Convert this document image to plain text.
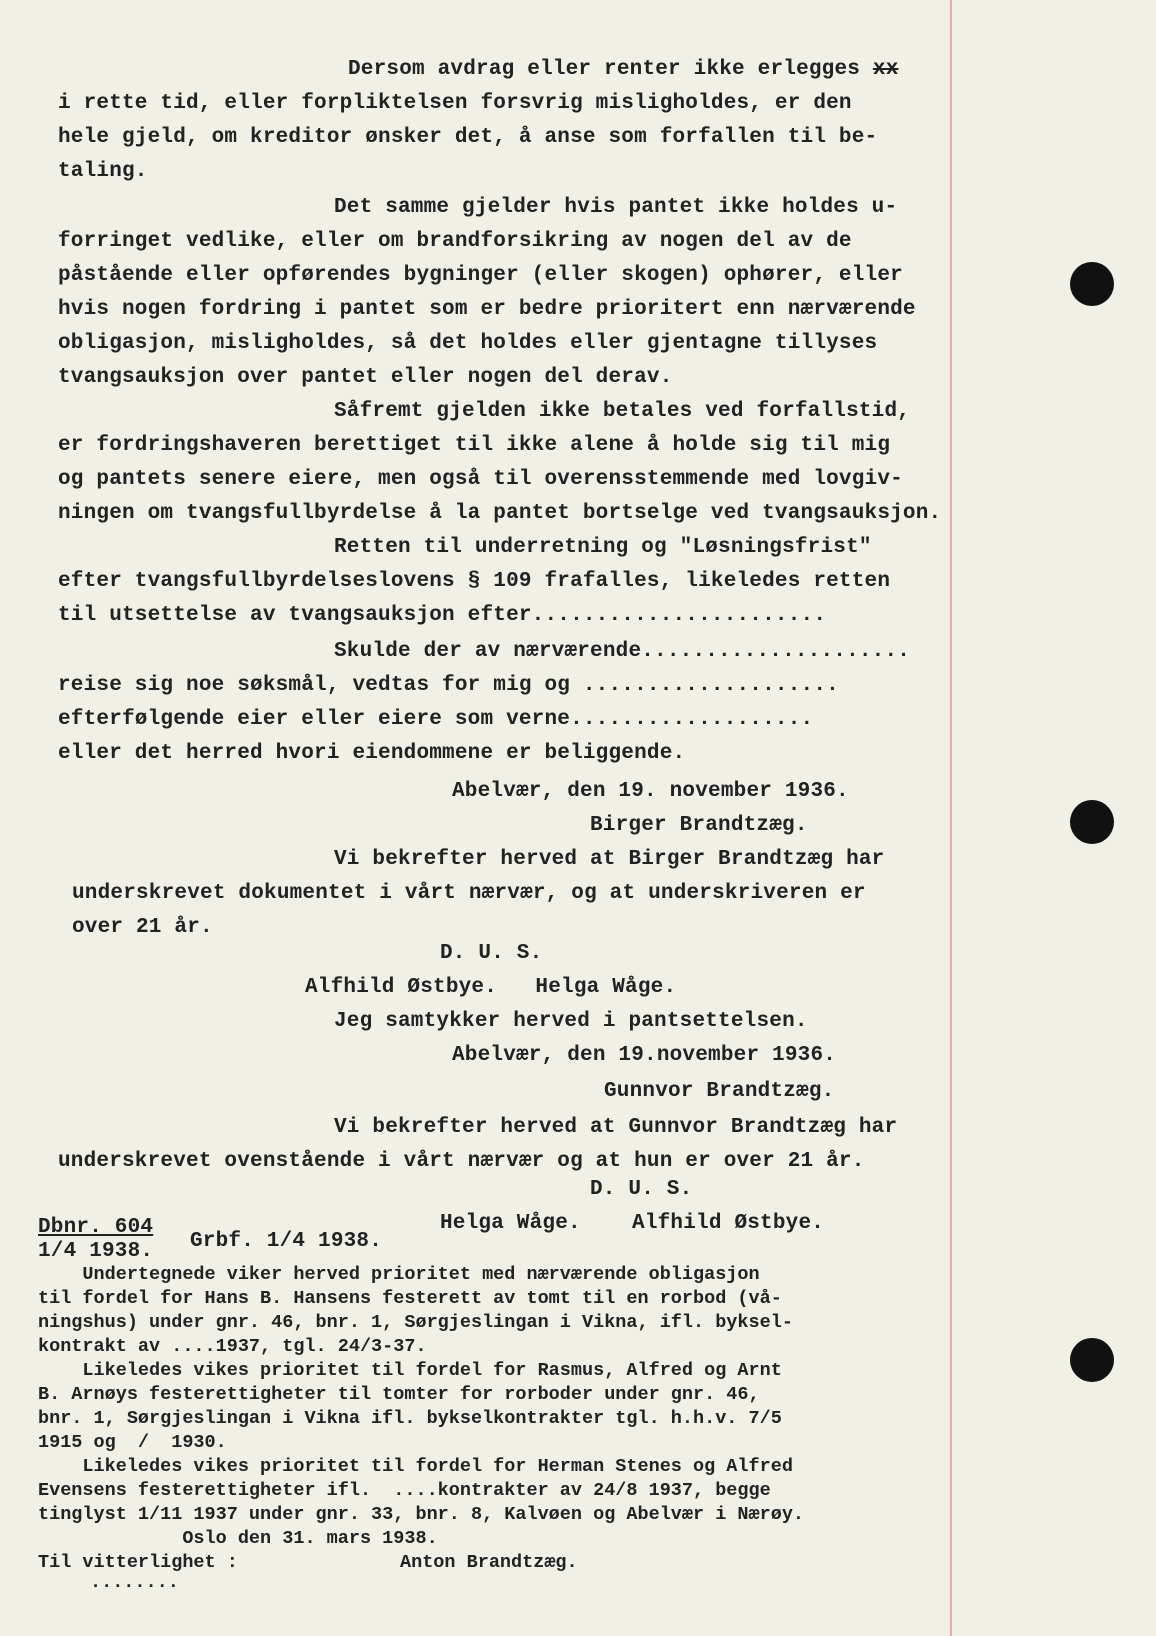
Dersom avdrag eller renter ikke erlegges xx
i rette tid, eller forpliktelsen forsvrig misligholdes, er den
hele gjeld, om kreditor ønsker det, å anse som forfallen til be-
taling.
Det samme gjelder hvis pantet ikke holdes u-
forringet vedlike, eller om brandforsikring av nogen del av de
påstående eller opførendes bygninger (eller skogen) ophører, eller
hvis nogen fordring i pantet som er bedre prioritert enn nærværende
obligasjon, misligholdes, så det holdes eller gjentagne tillyses
tvangsauksjon over pantet eller nogen del derav.
Såfremt gjelden ikke betales ved forfallstid,
er fordringshaveren berettiget til ikke alene å holde sig til mig
og pantets senere eiere, men også til overensstemmende med lovgiv-
ningen om tvangsfullbyrdelse å la pantet bortselge ved tvangsauksjon.
Retten til underretning og "Løsningsfrist"
efter tvangsfullbyrdelseslovens § 109 frafalles, likeledes retten
til utsettelse av tvangsauksjon efter.......................
Skulde der av nærværende.....................
reise sig noe søksmål, vedtas for mig og ....................
efterfølgende eier eller eiere som verne...................
eller det herred hvori eiendommene er beliggende.
Abelvær, den 19. november 1936.
Birger Brandtzæg.
Vi bekrefter herved at Birger Brandtzæg har
underskrevet dokumentet i vårt nærvær, og at underskriveren er
over 21 år.
D. U. S.
Alfhild Østbye.   Helga Wåge.
Jeg samtykker herved i pantsettelsen.
Abelvær, den 19.november 1936.
Gunnvor Brandtzæg.
Vi bekrefter herved at Gunnvor Brandtzæg har
underskrevet ovenstående i vårt nærvær og at hun er over 21 år.
D. U. S.
Helga Wåge.    Alfhild Østbye.
Dbnr. 604
1/4 1938. Grbf. 1/4 1938.
Undertegnede viker herved prioritet med nærværende obligasjon
til fordel for Hans B. Hansens festerett av tomt til en rorbod (vå-
ningshus) under gnr. 46, bnr. 1, Sørgjeslingan i Vikna, ifl. byksel-
kontrakt av ....1937, tgl. 24/3-37.
Likeledes vikes prioritet til fordel for Rasmus, Alfred og Arnt
B. Arnøys festerettigheter til tomter for rorboder under gnr. 46,
bnr. 1, Sørgjeslingan i Vikna ifl. bykselkontrakter tgl. h.h.v. 7/5
1915 og  /  1930.
Likeledes vikes prioritet til fordel for Herman Stenes og Alfred
Evensens festerettigheter ifl.  ....kontrakter av 24/8 1937, begge
tinglyst 1/11 1937 under gnr. 33, bnr. 8, Kalvøen og Abelvær i Nærøy.
Oslo den 31. mars 1938.
Til vitterlighet :	Anton Brandtzæg.
........
